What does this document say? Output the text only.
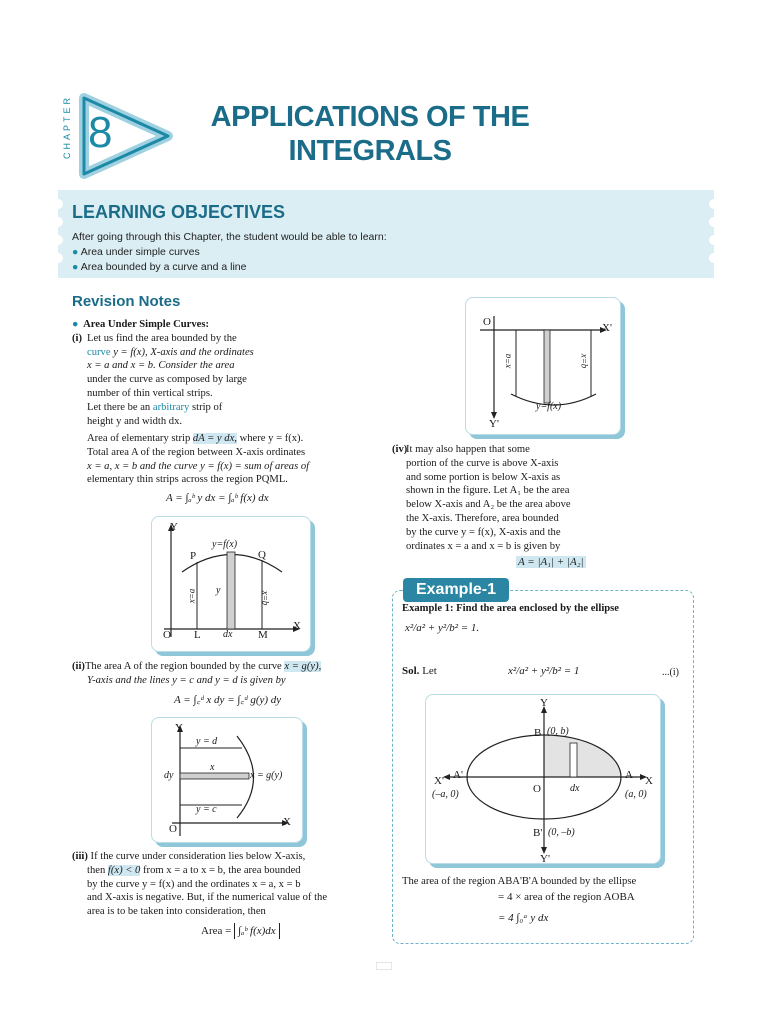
CHAPTER 8	APPLICATIONS OF THE
INTEGRALS
LEARNING OBJECTIVES
After going through this Chapter, the student would be able to learn:
● Area under simple curves
● Area bounded by a curve and a line
Revision Notes
● Area Under Simple Curves:
(i) Let us find the area bounded by the
curve y = f(x), X-axis and the ordinates
x = a and x = b. Consider the area
under the curve as composed by large
number of thin vertical strips.
Let there be an arbitrary strip of
height y and width dx.
Area of elementary strip dA = y dx, where y = f(x).
Total area A of the region between X-axis ordinates
x = a, x = b and the curve y = f(x) = sum of areas of
elementary thin strips across the region PQML.
A = ∫ₐᵇ y dx = ∫ₐᵇ f(x) dx
Y
y=f(x)
P	Q
x=a y
x=b
O L dx M
X
(ii)The area A of the region bounded by the curve x = g(y),
Y-axis and the lines y = c and y = d is given by
A = ∫꜀ᵈ x dy = ∫꜀ᵈ g(y) dy
Y
y = d
dy
x
x = g(y)
y = c
O
X
(iii) If the curve under consideration lies below X-axis,
then f(x) < 0 from x = a to x = b, the area bounded
by the curve y = f(x) and the ordinates x = a, x = b
and X-axis is negative. But, if the numerical value of the
area is to be taken into consideration, then
Area = ∫ₐᵇ f(x)dx
O	X'
x=a	x=b
y=f(x)
Y'
(iv)
It may also happen that some
portion of the curve is above X-axis
and some portion is below X-axis as
shown in the figure. Let A₁ be the area
below X-axis and A₂ be the area above
the X-axis. Therefore, area bounded
by the curve y = f(x), X-axis and the
ordinates x = a and x = b is given by
A = |A₁| + |A₂|
Example-1
Example 1: Find the area enclosed by the ellipse
x²/a² + y²/b² = 1.
Sol. Let	x²/a² + y²/b² = 1	...(i)
Y
B (0, b)
X' A'
(–a, 0)	O	dx
A X
(a, 0)
B' (0, –b)
Y'
The area of the region ABA'B'A bounded by the ellipse
= 4 × area of the region AOBA
= 4 ∫₀ᵃ y dx
